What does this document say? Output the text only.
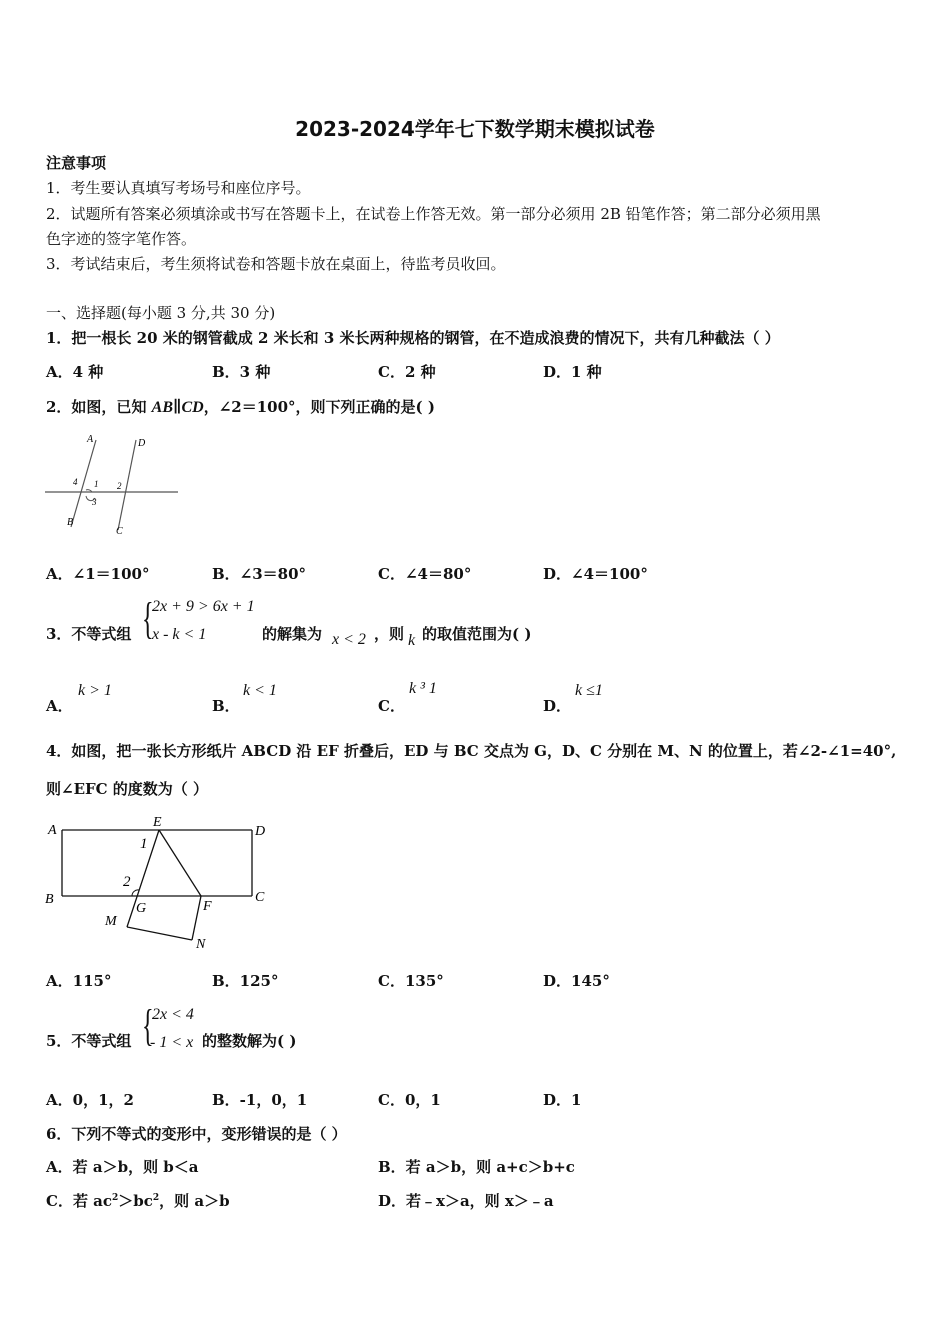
2023-2024学年七下数学期末模拟试卷
注意事项
1．考生要认真填写考场号和座位序号。
2．试题所有答案必须填涂或书写在答题卡上，在试卷上作答无效。第一部分必须用 2B 铅笔作答；第二部分必须用黑
色字迹的签字笔作答。
3．考试结束后，考生须将试卷和答题卡放在桌面上，待监考员收回。
一、选择题(每小题 3 分,共 30 分)
1．把一根长 20 米的钢管截成 2 米长和 3 米长两种规格的钢管，在不造成浪费的情况下，共有几种截法（ ）
A．4 种	B．3 种	C．2 种	D．1 种
2．如图，已知 AB∥CD，∠2＝100°，则下列正确的是( )
A
B
C
D
1 2
3
4
A．∠1＝100°	B．∠3＝80°	C．∠4＝80°	D．∠4＝100°
3．不等式组 {
2x + 9 > 6x + 1
x - k < 1	的解集为 x < 2 ，则 k 的取值范围为( )
A．
k > 1
B．
k < 1
C．
k ³ 1
D．
k ≤1
4．如图，把一张长方形纸片 ABCD 沿 EF 折叠后，ED 与 BC 交点为 G，D、C 分别在 M、N 的位置上，若∠2-∠1=40°,
则∠EFC 的度数为（ ）
A
B	C
D
E
F
G
M
N
1
2
A．115°	B．125°	C．135°	D．145°
5．不等式组 {
2x < 4
- 1 < x 的整数解为( )
A．0，1，2	B．-1，0，1	C．0，1	D．1
6．下列不等式的变形中，变形错误的是（ ）
A．若 a＞b，则 b＜a	B．若 a＞b，则 a+c＞b+c
C．若 $ac^2>bc^2$，则 a＞b	D．若﹣x＞a，则 x＞﹣a
